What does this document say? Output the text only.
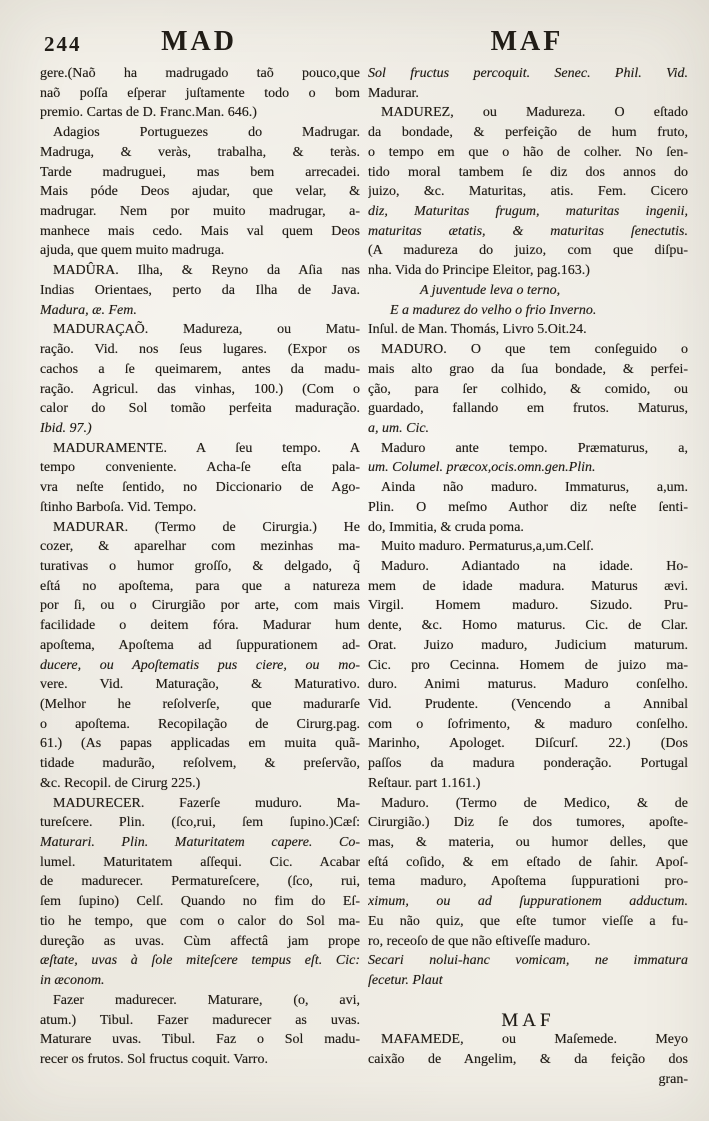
244	MAD	MAF
gere.(Naõ ha madrugado taõ pouco,que
naõ poſſa eſperar juſtamente todo o bom
premio. Cartas de D. Franc.Man. 646.)
Adagios Portuguezes do Madrugar.
Madruga, & veràs, trabalha, & teràs.
Tarde madruguei, mas bem arrecadei.
Mais póde Deos ajudar, que velar, &
madrugar. Nem por muito madrugar, a-
manhece mais cedo. Mais val quem Deos
ajuda, que quem muito madruga.
MADÛRA. Ilha, & Reyno da Aſia nas
Indias Orientaes, perto da Ilha de Java.
Madura, æ. Fem.
MADURAÇAÕ. Madureza, ou Matu-
ração. Vid. nos ſeus lugares. (Expor os
cachos a ſe queimarem, antes da madu-
ração. Agricul. das vinhas, 100.) (Com o
calor do Sol tomão perfeita maduração.
Ibid. 97.)
MADURAMENTE. A ſeu tempo. A
tempo conveniente. Acha-ſe eſta pala-
vra neſte ſentido, no Diccionario de Ago-
ſtinho Barboſa. Vid. Tempo.
MADURAR. (Termo de Cirurgia.) He
cozer, & aparelhar com mezinhas ma-
turativas o humor groſſo, & delgado, q̃
eſtá no apoſtema, para que a natureza
por ſi, ou o Cirurgião por arte, com mais
facilidade o deitem fóra. Madurar hum
apoſtema, Apoſtema ad ſuppurationem ad-
ducere, ou Apoſtematis pus ciere, ou mo-
vere. Vid. Maturação, & Maturativo.
(Melhor he reſolverſe, que madurarſe
o apoſtema. Recopilação de Cirurg.pag.
61.) (As papas applicadas em muita quã-
tidade madurão, reſolvem, & preſervão,
&c. Recopil. de Cirurg 225.)
MADURECER. Fazerſe muduro. Ma-
tureſcere. Plin. (ſco,rui, ſem ſupino.)Cæſ:
Maturari. Plin. Maturitatem capere. Co-
lumel. Maturitatem aſſequi. Cic. Acabar
de madurecer. Permatureſcere, (ſco, rui,
ſem ſupino) Celſ. Quando no fim do Eſ-
tio he tempo, que com o calor do Sol ma-
dureção as uvas. Cùm affectâ jam prope
æſtate, uvas à ſole miteſcere tempus eſt. Cic:
in æconom.
Fazer madurecer. Maturare, (o, avi,
atum.) Tibul. Fazer madurecer as uvas.
Maturare uvas. Tibul. Faz o Sol madu-
recer os frutos. Sol fructus coquit. Varro.
Sol fructus percoquit. Senec. Phil. Vid.
Madurar.
MADUREZ, ou Madureza. O eſtado
da bondade, & perfeição de hum fruto,
o tempo em que o hão de colher. No ſen-
tido moral tambem ſe diz dos annos do
juizo, &c. Maturitas, atis. Fem. Cicero
diz, Maturitas frugum, maturitas ingenii,
maturitas ætatis, & maturitas ſenectutis.
(A madureza do juizo, com que diſpu-
nha. Vida do Principe Eleitor, pag.163.)
A juventude leva o terno,
E a madurez do velho o frio Inverno.
Inſul. de Man. Thomás, Livro 5.Oit.24.
MADURO. O que tem conſeguido o
mais alto grao da ſua bondade, & perfei-
ção, para ſer colhido, & comido, ou
guardado, fallando em frutos. Maturus,
a, um. Cic.
Maduro ante tempo. Præmaturus, a,
um. Columel. præcox,ocis.omn.gen.Plin.
Ainda não maduro. Immaturus, a,um.
Plin. O meſmo Author diz neſte ſenti-
do, Immitia, & cruda poma.
Muito maduro. Permaturus,a,um.Celſ.
Maduro. Adiantado na idade. Ho-
mem de idade madura. Maturus ævi.
Virgil. Homem maduro. Sizudo. Pru-
dente, &c. Homo maturus. Cic. de Clar.
Orat. Juizo maduro, Judicium maturum.
Cic. pro Cecinna. Homem de juizo ma-
duro. Animi maturus. Maduro conſelho.
Vid. Prudente. (Vencendo a Annibal
com o ſofrimento, & maduro conſelho.
Marinho, Apologet. Diſcurſ. 22.) (Dos
paſſos da madura ponderação. Portugal
Reſtaur. part 1.161.)
Maduro. (Termo de Medico, & de
Cirurgião.) Diz ſe dos tumores, apoſte-
mas, & materia, ou humor delles, que
eſtá coſido, & em eſtado de ſahir. Apoſ-
tema maduro, Apoſtema ſuppurationi pro-
ximum, ou ad ſuppurationem adductum.
Eu não quiz, que eſte tumor vieſſe a fu-
ro, receoſo de que não eſtiveſſe maduro.
Secari nolui-hanc vomicam, ne immatura
ſecetur. Plaut
MAF
MAFAMEDE, ou Maſemede. Meyo
caixão de Angelim, & da feição dos
gran-
